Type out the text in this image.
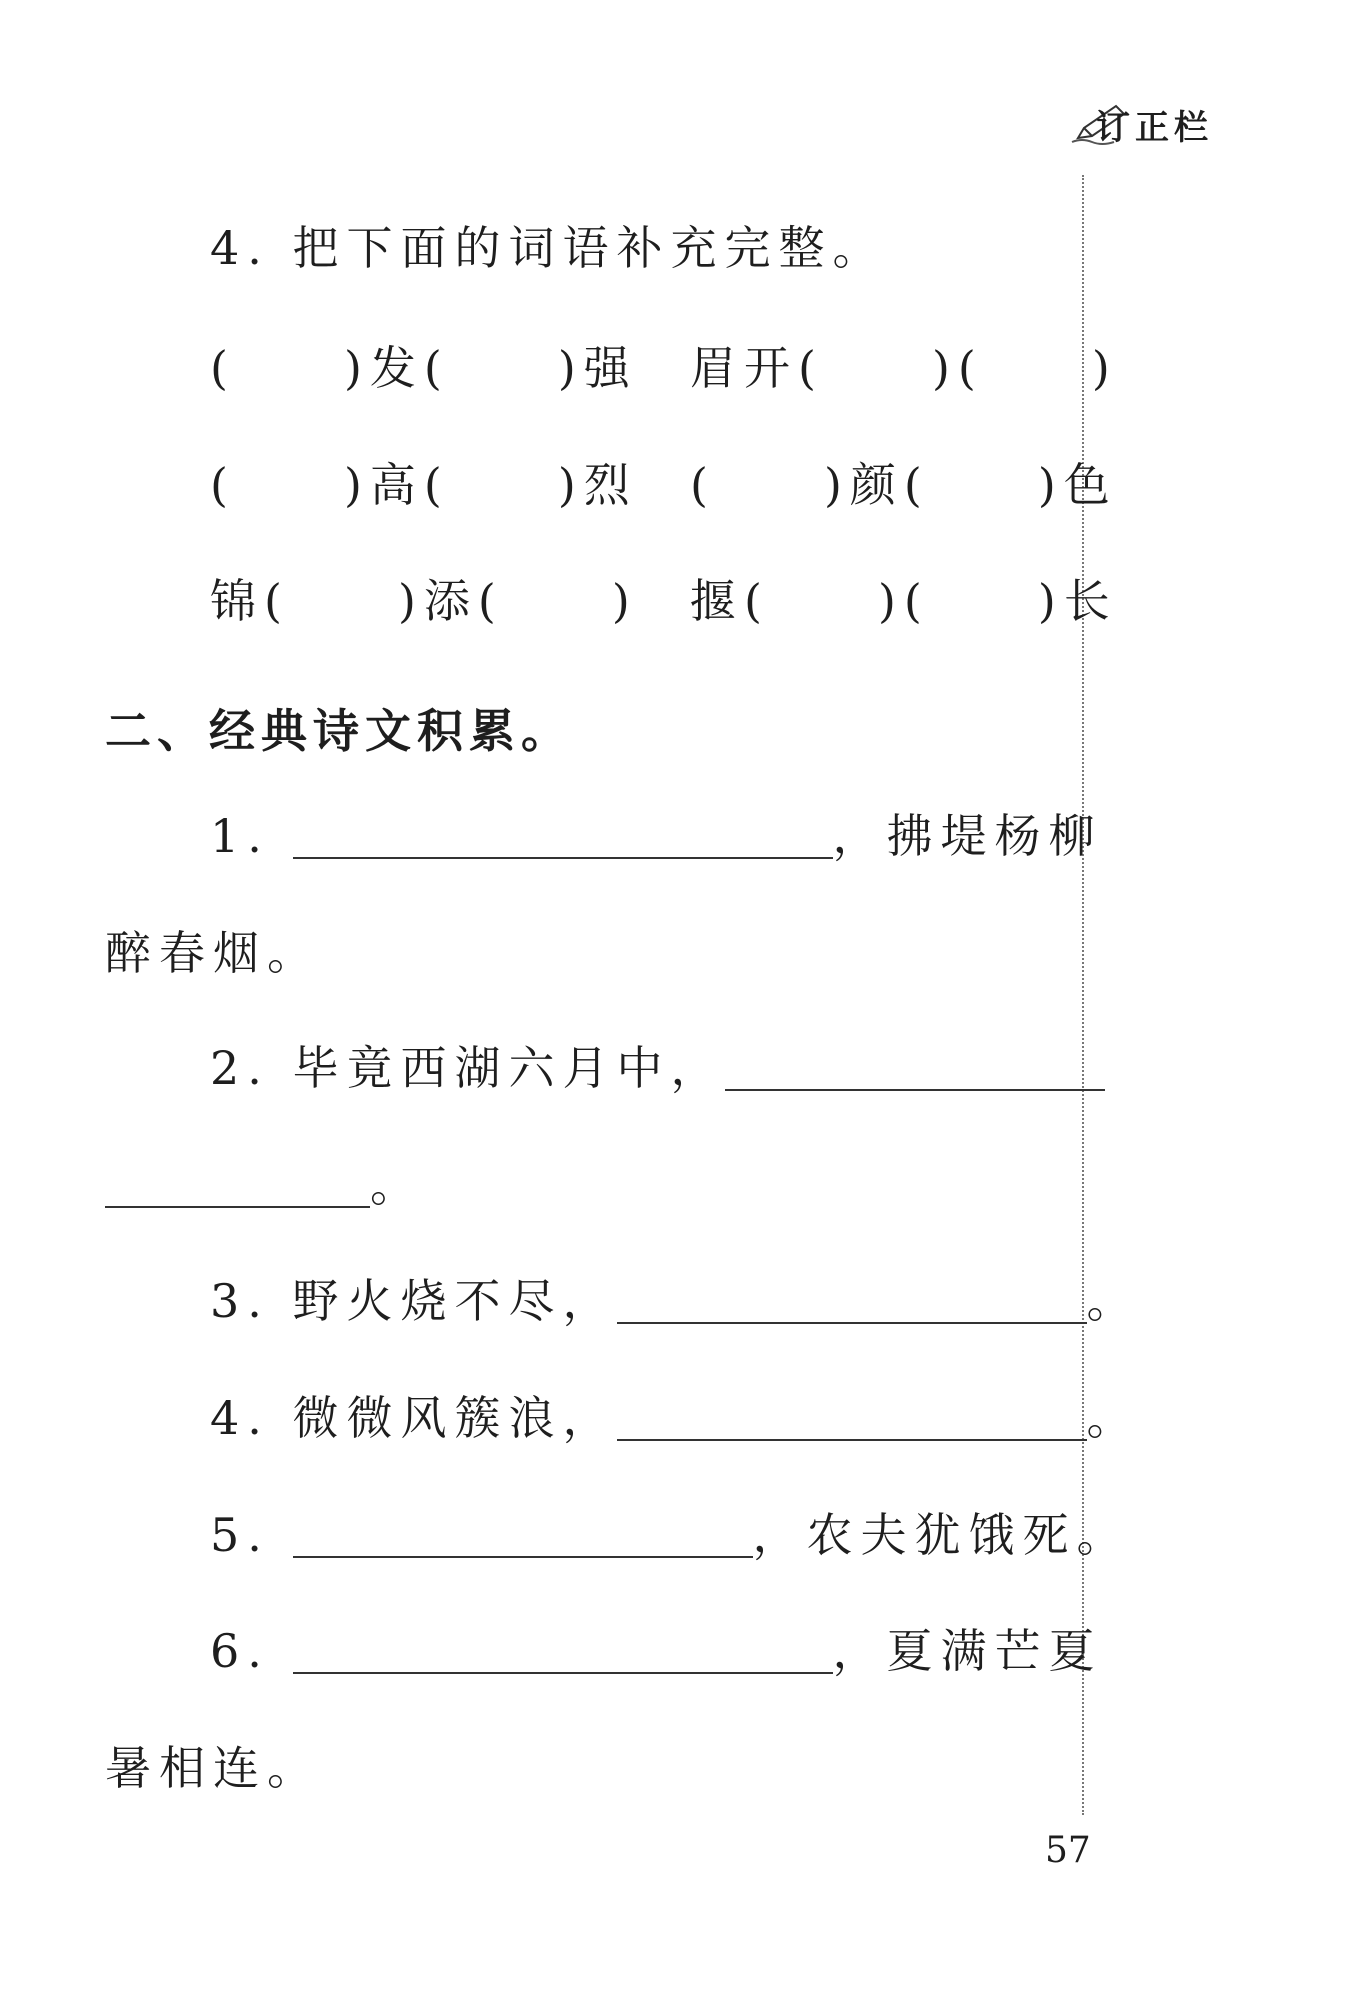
订正栏
4. 把下面的词语补充完整。
(　　)发(　　)强 眉开(　　)(　　)
(　　)高(　　)烈 (　　)颜(　　)色
锦(　　)添(　　) 揠(　　)(　　)长
二、经典诗文积累。
1.	，拂堤杨柳
醉春烟。
2. 毕竟西湖六月中，
。
3. 野火烧不尽，	。
4. 微微风簇浪，	。
5.	，农夫犹饿死。
6.	，夏满芒夏
暑相连。
57
